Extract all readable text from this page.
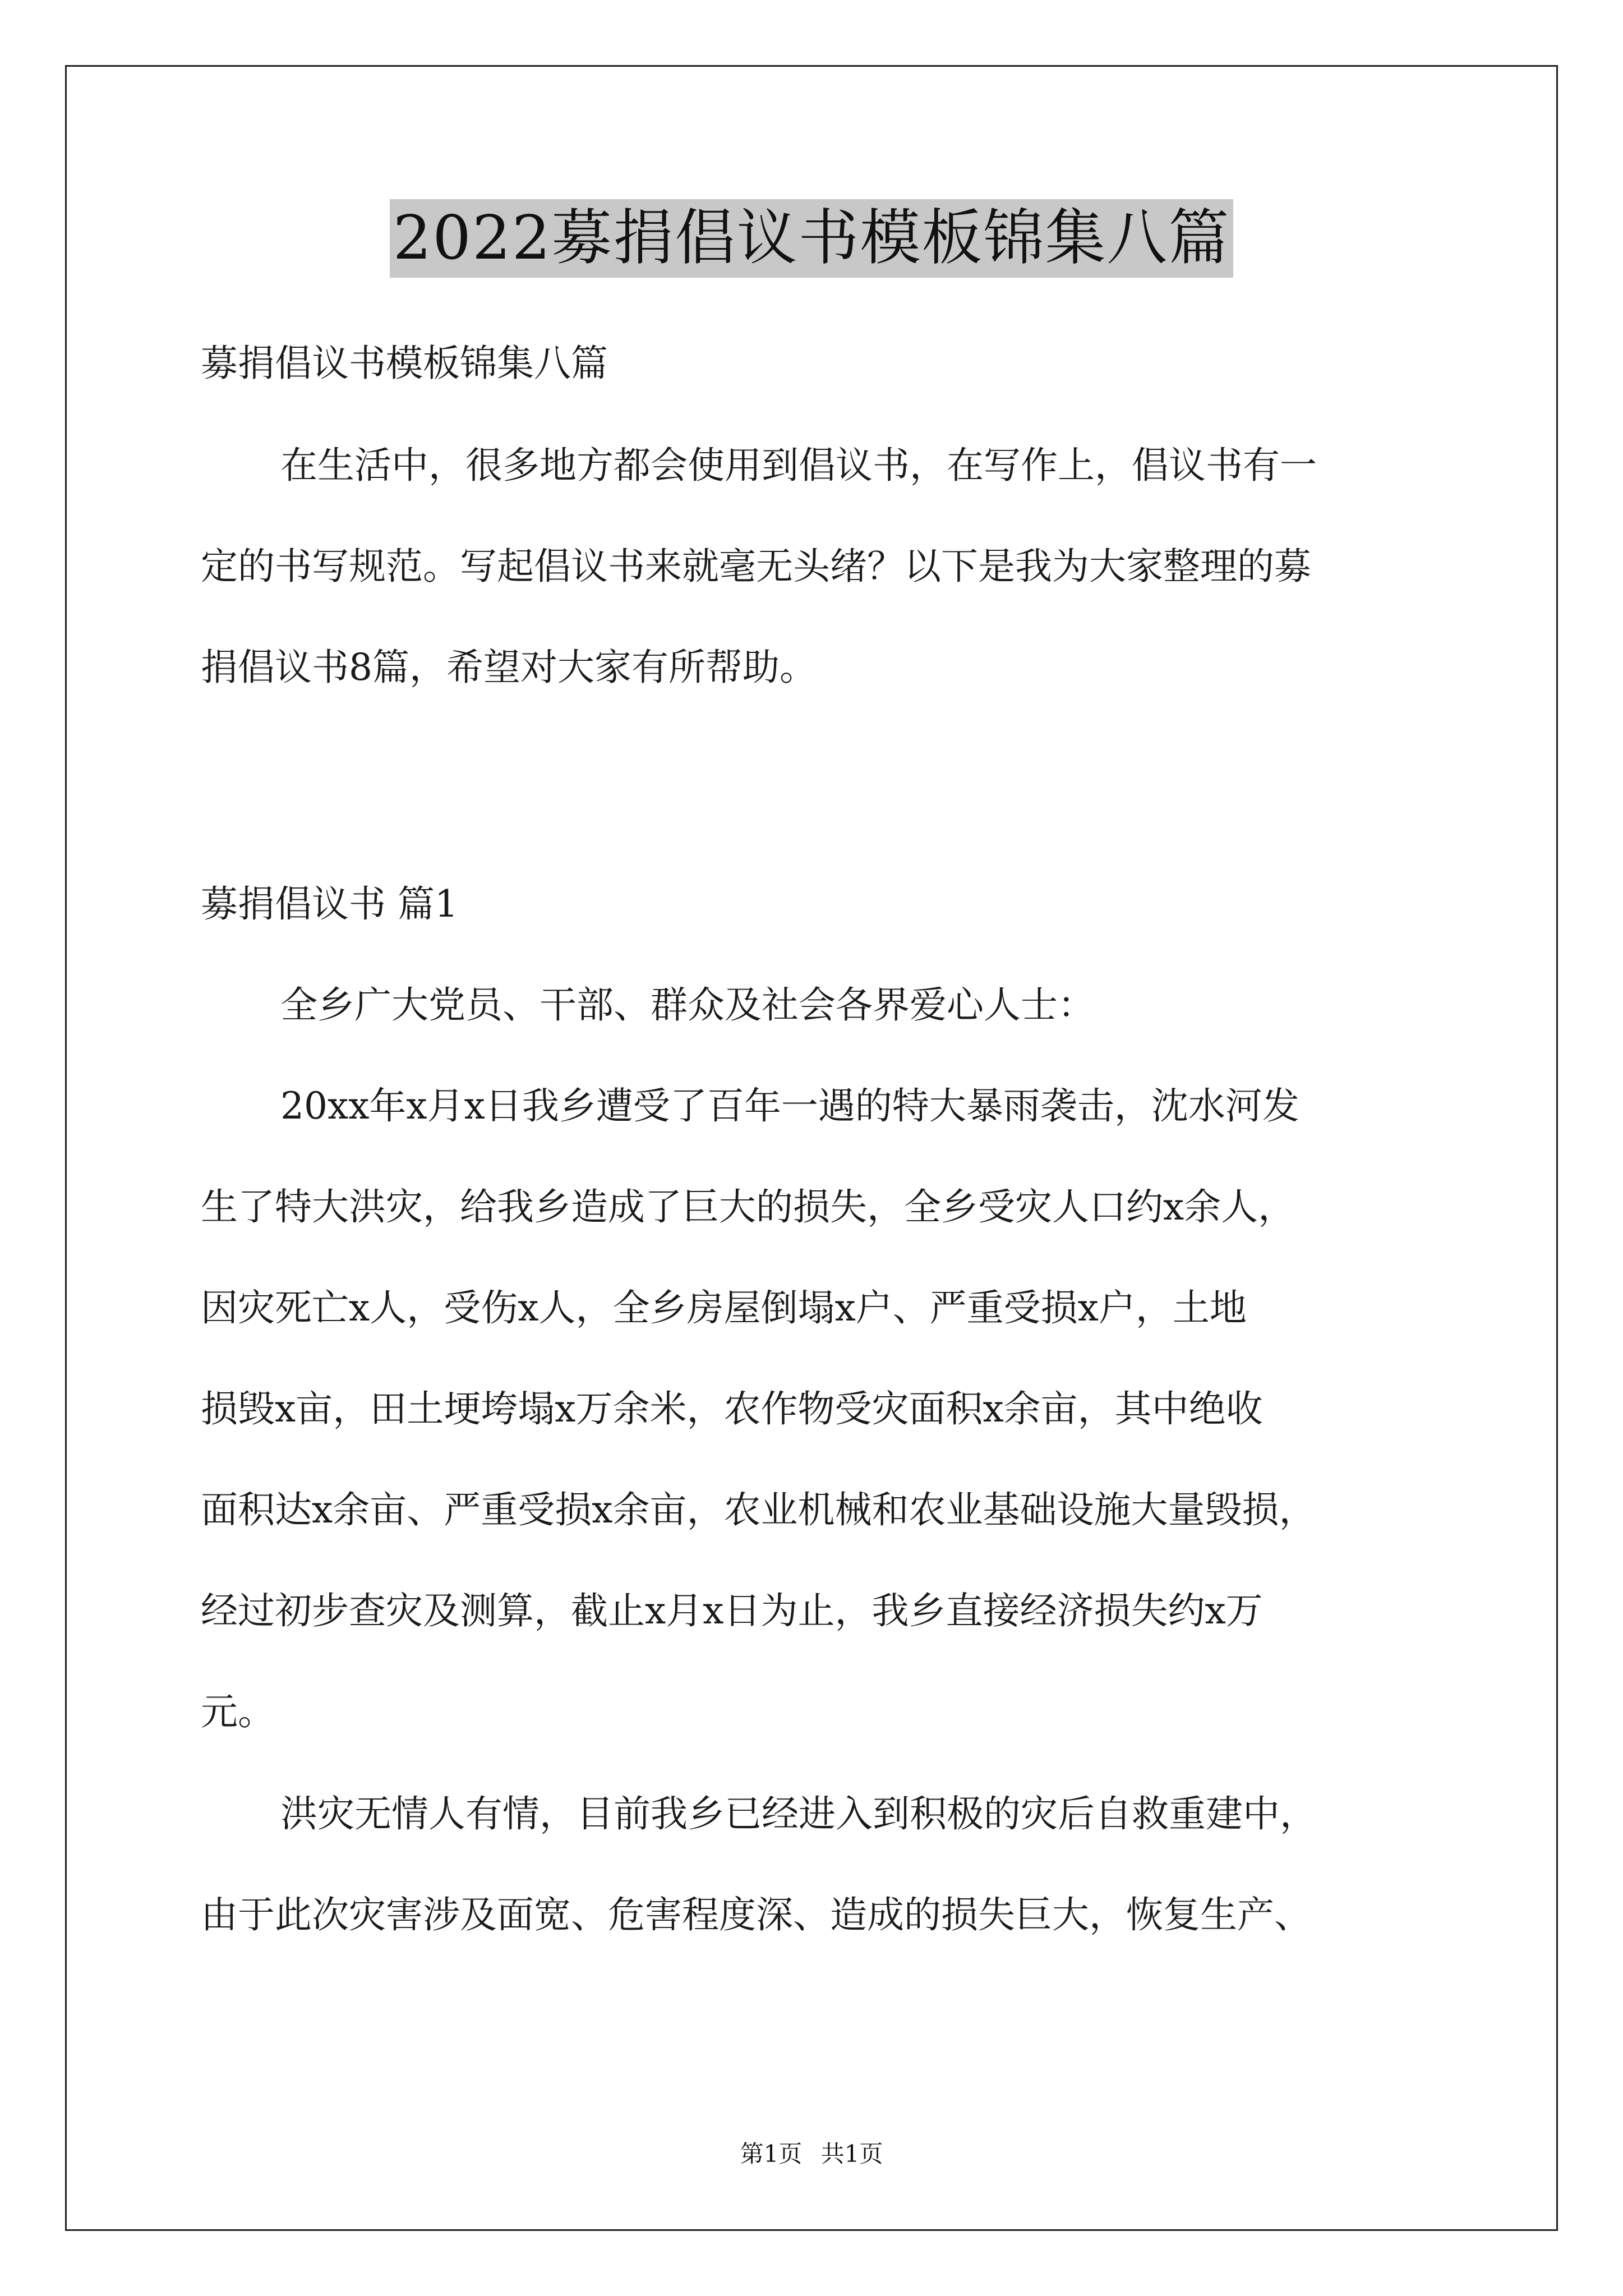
2022募捐倡议书模板锦集八篇
募捐倡议书模板锦集八篇
在生活中，很多地方都会使用到倡议书，在写作上，倡议书有一
定的书写规范。写起倡议书来就毫无头绪？以下是我为大家整理的募
捐倡议书8篇，希望对大家有所帮助。
募捐倡议书 篇1
全乡广大党员、干部、群众及社会各界爱心人士：
20xx年x月x日我乡遭受了百年一遇的特大暴雨袭击，沈水河发
生了特大洪灾，给我乡造成了巨大的损失，全乡受灾人口约x余人，
因灾死亡x人，受伤x人，全乡房屋倒塌x户、严重受损x户，土地
损毁x亩，田土埂垮塌x万余米，农作物受灾面积x余亩，其中绝收
面积达x余亩、严重受损x余亩，农业机械和农业基础设施大量毁损，
经过初步查灾及测算，截止x月x日为止，我乡直接经济损失约x万
元。
洪灾无情人有情，目前我乡已经进入到积极的灾后自救重建中，
由于此次灾害涉及面宽、危害程度深、造成的损失巨大，恢复生产、
第1页 共1页
